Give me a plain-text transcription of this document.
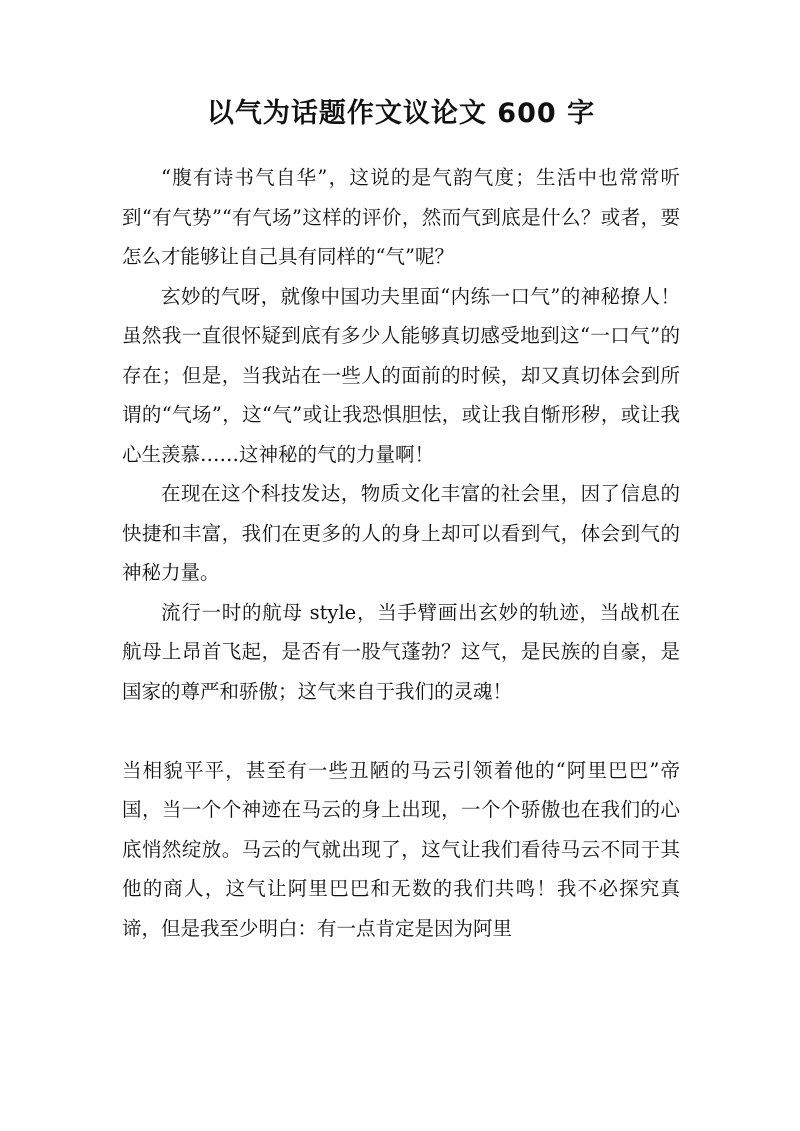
以气为话题作文议论文 600 字

“腹有诗书气自华”，这说的是气韵气度；生活中也常常听到“有气势”“有气场”这样的评价，然而气到底是什么？或者，要怎么才能够让自己具有同样的“气”呢？

玄妙的气呀，就像中国功夫里面“内练一口气”的神秘撩人！虽然我一直很怀疑到底有多少人能够真切感受地到这“一口气”的存在；但是，当我站在一些人的面前的时候，却又真切体会到所谓的“气场”，这“气”或让我恐惧胆怯，或让我自惭形秽，或让我心生羡慕……这神秘的气的力量啊！

在现在这个科技发达，物质文化丰富的社会里，因了信息的快捷和丰富，我们在更多的人的身上却可以看到气，体会到气的神秘力量。

流行一时的航母 style，当手臂画出玄妙的轨迹，当战机在航母上昂首飞起，是否有一股气蓬勃？这气，是民族的自豪，是国家的尊严和骄傲；这气来自于我们的灵魂！

当相貌平平，甚至有一些丑陋的马云引领着他的“阿里巴巴”帝国，当一个个神迹在马云的身上出现，一个个骄傲也在我们的心底悄然绽放。马云的气就出现了，这气让我们看待马云不同于其他的商人，这气让阿里巴巴和无数的我们共鸣！我不必探究真谛，但是我至少明白：有一点肯定是因为阿里
